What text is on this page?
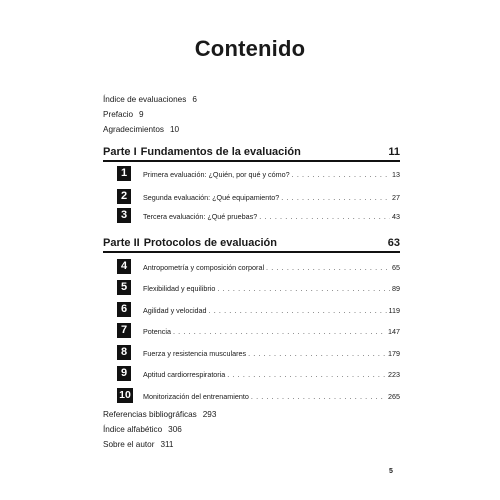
Contenido
Índice de evaluaciones 6
Prefacio 9
Agradecimientos 10
Parte I Fundamentos de la evaluación	11
1	Primera evaluación: ¿Quién, por qué y cómo? . . .	13
2	Segunda evaluación: ¿Qué equipamiento? . . .	27
3	Tercera evaluación: ¿Qué pruebas? . . .	43
Parte II Protocolos de evaluación	63
4	Antropometría y composición corporal . . .	65
5	Flexibilidad y equilibrio . . .	89
6	Agilidad y velocidad . . .	119
7	Potencia . . .	147
8	Fuerza y resistencia musculares . . .	179
9	Aptitud cardiorrespiratoria . . .	223
10 Monitorización del entrenamiento . . .	265
Referencias bibliográficas 293
Índice alfabético 306
Sobre el autor 311
5
